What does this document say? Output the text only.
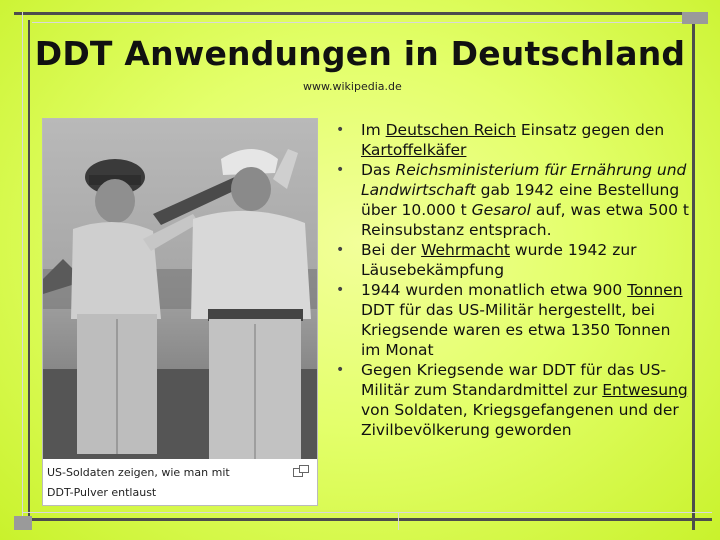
DDT Anwendungen in Deutschland
www.wikipedia.de
US-Soldaten zeigen, wie man mit
DDT-Pulver entlaust
• Im Deutschen Reich Einsatz gegen den Kartoffelkäfer
• Das Reichsministerium für Ernährung und Landwirtschaft gab 1942 eine Bestellung über 10.000 t Gesarol auf, was etwa 500 t Reinsubstanz entsprach.
• Bei der Wehrmacht wurde 1942 zur Läusebekämpfung
• 1944 wurden monatlich etwa 900 Tonnen DDT für das US-Militär hergestellt, bei Kriegsende waren es etwa 1350 Tonnen im Monat
• Gegen Kriegsende war DDT für das US-Militär zum Standardmittel zur Entwesung von Soldaten, Kriegsgefangenen und der Zivilbevölkerung geworden
